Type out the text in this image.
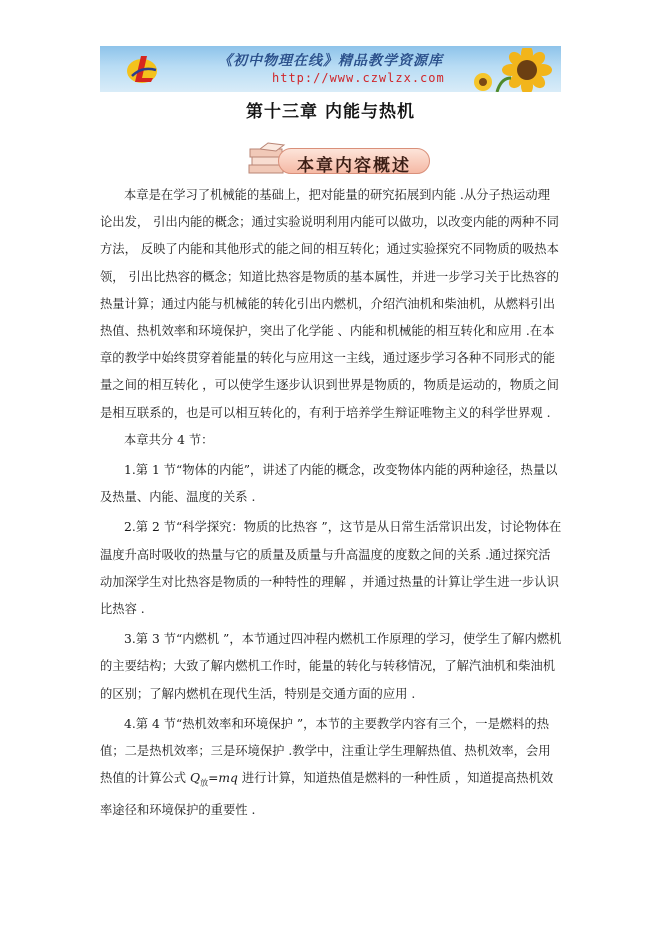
《初中物理在线》精品教学资源库
http://www.czwlzx.com
第十三章 内能与热机
本章内容概述

本章是在学习了机械能的基础上，把对能量的研究拓展到内能 .从分子热运动理论出发， 引出内能的概念；通过实验说明利用内能可以做功，以改变内能的两种不同方法， 反映了内能和其他形式的能之间的相互转化；通过实验探究不同物质的吸热本领， 引出比热容的概念；知道比热容是物质的基本属性，并进一步学习关于比热容的热量计算；通过内能与机械能的转化引出内燃机，介绍汽油机和柴油机，从燃料引出热值、热机效率和环境保护，突出了化学能 、内能和机械能的相互转化和应用 .在本章的教学中始终贯穿着能量的转化与应用这一主线，通过逐步学习各种不同形式的能量之间的相互转化 ，可以使学生逐步认识到世界是物质的，物质是运动的，物质之间是相互联系的，也是可以相互转化的，有利于培养学生辩证唯物主义的科学世界观 .

本章共分 4 节：

1.第 1 节“物体的内能”，讲述了内能的概念，改变物体内能的两种途径，热量以及热量、内能、温度的关系 .

2.第 2 节“科学探究：物质的比热容 ”，这节是从日常生活常识出发，讨论物体在温度升高时吸收的热量与它的质量及质量与升高温度的度数之间的关系 .通过探究活动加深学生对比热容是物质的一种特性的理解 ，并通过热量的计算让学生进一步认识比热容 .

3.第 3 节“内燃机 ”，本节通过四冲程内燃机工作原理的学习，使学生了解内燃机的主要结构；大致了解内燃机工作时，能量的转化与转移情况，了解汽油机和柴油机的区别；了解内燃机在现代生活，特别是交通方面的应用 .

4.第 4 节“热机效率和环境保护 ”，本节的主要教学内容有三个，一是燃料的热值；二是热机效率；三是环境保护 .教学中，注重让学生理解热值、热机效率，会用热值的计算公式 $Q_放=mq$ 进行计算，知道热值是燃料的一种性质 ，知道提高热机效率途径和环境保护的重要性 .
